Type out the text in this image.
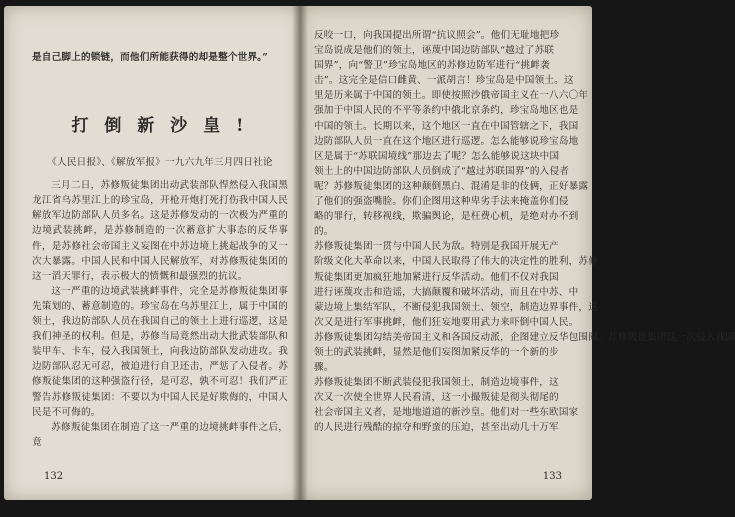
是自己脚上的锁链，而他们所能获得的却是整个世界。”

打 倒 新 沙 皇 !

《人民日报》、《解放军报》一九六九年三月四日社论

三月二日，苏修叛徒集团出动武装部队悍然侵入我国黑龙江省乌苏里江上的珍宝岛，开枪开炮打死打伤我中国人民解放军边防部队人员多名。这是苏修发动的一次极为严重的边境武装挑衅，是苏修制造的一次蓄意扩大事态的反华事件，是苏修社会帝国主义妄图在中苏边境上挑起战争的又一次大暴露。中国人民和中国人民解放军，对苏修叛徒集团的这一滔天罪行，表示极大的愤慨和最强烈的抗议。

这一严重的边境武装挑衅事件，完全是苏修叛徒集团事先策划的、蓄意制造的。珍宝岛在乌苏里江上，属于中国的领土，我边防部队人员在我国自己的领土上进行巡逻，这是我们神圣的权利。但是，苏修当局竟然出动大批武装部队和装甲车、卡车，侵入我国领土，向我边防部队发动进攻。我边防部队忍无可忍，被迫进行自卫还击，严惩了入侵者。苏修叛徒集团的这种强盗行径，是可忍，孰不可忍！我们严正警告苏修叛徒集团：不要以为中国人民是好欺侮的，中国人民是不可侮的。

苏修叛徒集团在制造了这一严重的边境挑衅事件之后，竟

132

反咬一口，向我国提出所谓“抗议照会”。他们无耻地把珍

宝岛说成是他们的领土，诬蔑中国边防部队“越过了苏联

国界”，向“警卫”珍宝岛地区的苏修边防军进行“挑衅袭

击”。这完全是信口雌黄、一派胡言！珍宝岛是中国领土。这

里是历来属于中国的领土。即使按照沙俄帝国主义在一八六〇年

强加于中国人民的不平等条约中俄北京条约，珍宝岛地区也是

中国的领土。长期以来，这个地区一直在中国管辖之下，我国

边防部队人员一直在这个地区进行巡逻。怎么能够说珍宝岛地

区是属于“苏联国境线”那边去了呢？怎么能够说这块中国

领土上的中国边防部队人员倒成了“越过苏联国界”的入侵者

呢？苏修叛徒集团的这种颠倒黑白、混淆是非的伎俩，正好暴露

了他们的强盗嘴脸。你们企图用这种卑劣手法来掩盖你们侵

略的罪行，转移视线，欺骗舆论，是枉费心机，是绝对办不到

的。

苏修叛徒集团一贯与中国人民为敌。特别是我国开展无产

阶级文化大革命以来，中国人民取得了伟大的决定性的胜利，苏修

叛徒集团更加疯狂地加紧进行反华活动。他们不仅对我国

进行诬蔑攻击和造谣，大搞颠覆和破坏活动，而且在中苏、中

蒙边境上集结军队，不断侵犯我国领土、领空，制造边界事件，这

次又是进行军事挑衅，他们狂妄地要用武力来吓倒中国人民。

苏修叛徒集团勾结美帝国主义和各国反动派，企图建立反华包围圈。苏修叛徒集团这一次侵入我国

领土的武装挑衅，显然是他们妄图加紧反华的一个新的步

骤。

苏修叛徒集团不断武装侵犯我国领土，制造边境事件，这

次又一次使全世界人民看清，这一小撮叛徒是彻头彻尾的

社会帝国主义者，是地地道道的新沙皇。他们对一些东欧国家

的人民进行残酷的掠夺和野蛮的压迫，甚至出动几十万军

133
